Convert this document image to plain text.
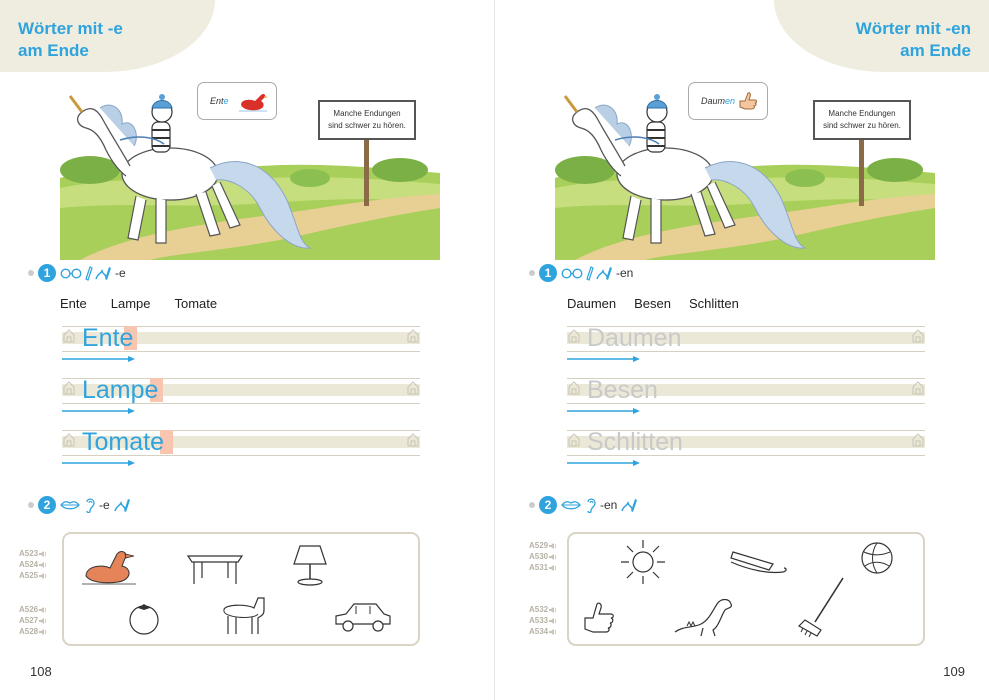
Wörter mit -e
am Ende
Ente
Manche Endungen
sind schwer zu hören.
1	-e
Ente Lampe Tomate
Ente
Lampe
Tomate
2	-e
A523
A524
A525
A526
A527
A528
108
Wörter mit -en
am Ende
Daumen
Manche Endungen
sind schwer zu hören.
1	-en
Daumen Besen Schlitten
Daumen
Besen
Schlitten
2	-en
A529
A530
A531
A532
A533
A534
109
